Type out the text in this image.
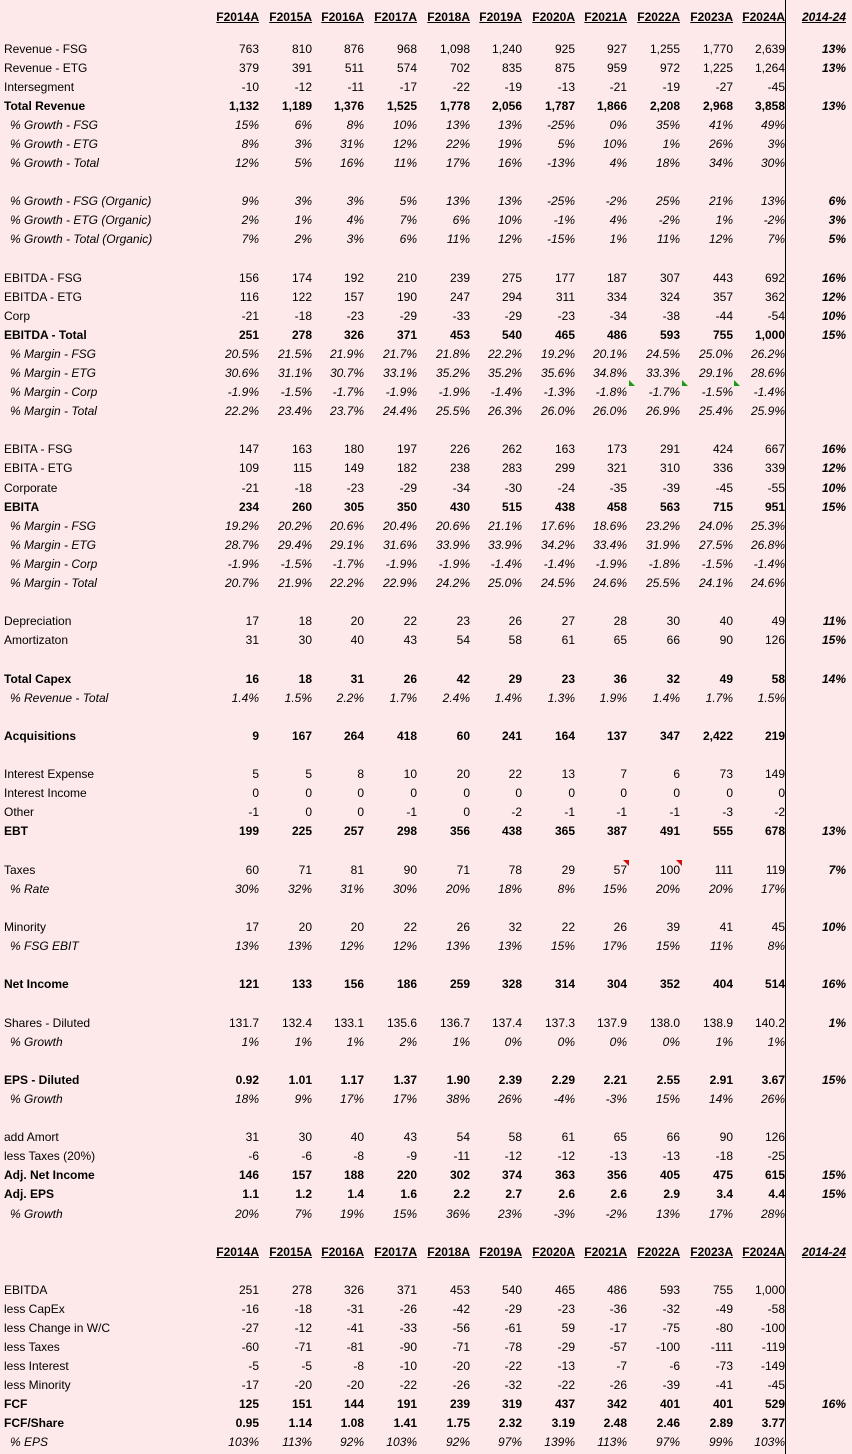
F2014A F2015A F2016A F2017A F2018A F2019A F2020A F2021A F2022A F2023A F2024A	2014-24
F2014A F2015A F2016A F2017A F2018A F2019A F2020A F2021A F2022A F2023A F2024A	2014-24
Revenue - FSG	763	810	876	968	1,098	1,240	925	927	1,255	1,770	2,639	13%
Revenue - ETG	379	391	511	574	702	835	875	959	972	1,225	1,264	13%
Intersegment	-10	-12	-11	-17	-22	-19	-13	-21	-19	-27	-45
Total Revenue	1,132	1,189	1,376	1,525	1,778	2,056	1,787	1,866	2,208	2,968	3,858	13%
% Growth - FSG	15%	6%	8%	10%	13%	13%	-25%	0%	35%	41%	49%
% Growth - ETG	8%	3%	31%	12%	22%	19%	5%	10%	1%	26%	3%
% Growth - Total	12%	5%	16%	11%	17%	16%	-13%	4%	18%	34%	30%
% Growth - FSG (Organic)	9%	3%	3%	5%	13%	13%	-25%	-2%	25%	21%	13%	6%
% Growth - ETG (Organic)	2%	1%	4%	7%	6%	10%	-1%	4%	-2%	1%	-2%	3%
% Growth - Total (Organic)	7%	2%	3%	6%	11%	12%	-15%	1%	11%	12%	7%	5%
EBITDA - FSG	156	174	192	210	239	275	177	187	307	443	692	16%
EBITDA - ETG	116	122	157	190	247	294	311	334	324	357	362	12%
Corp	-21	-18	-23	-29	-33	-29	-23	-34	-38	-44	-54	10%
EBITDA - Total	251	278	326	371	453	540	465	486	593	755	1,000	15%
% Margin - FSG	20.5%	21.5%	21.9%	21.7%	21.8%	22.2%	19.2%	20.1%	24.5%	25.0%	26.2%
% Margin - ETG	30.6%	31.1%	30.7%	33.1%	35.2%	35.2%	35.6%	34.8%	33.3%	29.1%	28.6%
% Margin - Corp	-1.9%	-1.5%	-1.7%	-1.9%	-1.9%	-1.4%	-1.3%	-1.8%	-1.7%	-1.5%	-1.4%
% Margin - Total	22.2%	23.4%	23.7%	24.4%	25.5%	26.3%	26.0%	26.0%	26.9%	25.4%	25.9%
EBITA - FSG	147	163	180	197	226	262	163	173	291	424	667	16%
EBITA - ETG	109	115	149	182	238	283	299	321	310	336	339	12%
Corporate	-21	-18	-23	-29	-34	-30	-24	-35	-39	-45	-55	10%
EBITA	234	260	305	350	430	515	438	458	563	715	951	15%
% Margin - FSG	19.2%	20.2%	20.6%	20.4%	20.6%	21.1%	17.6%	18.6%	23.2%	24.0%	25.3%
% Margin - ETG	28.7%	29.4%	29.1%	31.6%	33.9%	33.9%	34.2%	33.4%	31.9%	27.5%	26.8%
% Margin - Corp	-1.9%	-1.5%	-1.7%	-1.9%	-1.9%	-1.4%	-1.4%	-1.9%	-1.8%	-1.5%	-1.4%
% Margin - Total	20.7%	21.9%	22.2%	22.9%	24.2%	25.0%	24.5%	24.6%	25.5%	24.1%	24.6%
Depreciation	17	18	20	22	23	26	27	28	30	40	49	11%
Amortizaton	31	30	40	43	54	58	61	65	66	90	126	15%
Total Capex	16	18	31	26	42	29	23	36	32	49	58	14%
% Revenue - Total	1.4%	1.5%	2.2%	1.7%	2.4%	1.4%	1.3%	1.9%	1.4%	1.7%	1.5%
Acquisitions	9	167	264	418	60	241	164	137	347	2,422	219
Interest Expense	5	5	8	10	20	22	13	7	6	73	149
Interest Income	0	0	0	0	0	0	0	0	0	0	0
Other	-1	0	0	-1	0	-2	-1	-1	-1	-3	-2
EBT	199	225	257	298	356	438	365	387	491	555	678	13%
Taxes	60	71	81	90	71	78	29	57	100	111	119	7%
% Rate	30%	32%	31%	30%	20%	18%	8%	15%	20%	20%	17%
Minority	17	20	20	22	26	32	22	26	39	41	45	10%
% FSG EBIT	13%	13%	12%	12%	13%	13%	15%	17%	15%	11%	8%
Net Income	121	133	156	186	259	328	314	304	352	404	514	16%
Shares - Diluted	131.7	132.4	133.1	135.6	136.7	137.4	137.3	137.9	138.0	138.9	140.2	1%
% Growth	1%	1%	1%	2%	1%	0%	0%	0%	0%	1%	1%
EPS - Diluted	0.92	1.01	1.17	1.37	1.90	2.39	2.29	2.21	2.55	2.91	3.67	15%
% Growth	18%	9%	17%	17%	38%	26%	-4%	-3%	15%	14%	26%
add Amort	31	30	40	43	54	58	61	65	66	90	126
less Taxes (20%)	-6	-6	-8	-9	-11	-12	-12	-13	-13	-18	-25
Adj. Net Income	146	157	188	220	302	374	363	356	405	475	615	15%
Adj. EPS	1.1	1.2	1.4	1.6	2.2	2.7	2.6	2.6	2.9	3.4	4.4	15%
% Growth	20%	7%	19%	15%	36%	23%	-3%	-2%	13%	17%	28%
EBITDA	251	278	326	371	453	540	465	486	593	755	1,000
less CapEx	-16	-18	-31	-26	-42	-29	-23	-36	-32	-49	-58
less Change in W/C	-27	-12	-41	-33	-56	-61	59	-17	-75	-80	-100
less Taxes	-60	-71	-81	-90	-71	-78	-29	-57	-100	-111	-119
less Interest	-5	-5	-8	-10	-20	-22	-13	-7	-6	-73	-149
less Minority	-17	-20	-20	-22	-26	-32	-22	-26	-39	-41	-45
FCF	125	151	144	191	239	319	437	342	401	401	529	16%
FCF/Share	0.95	1.14	1.08	1.41	1.75	2.32	3.19	2.48	2.46	2.89	3.77
% EPS	103%	113%	92%	103%	92%	97%	139%	113%	97%	99%	103%
